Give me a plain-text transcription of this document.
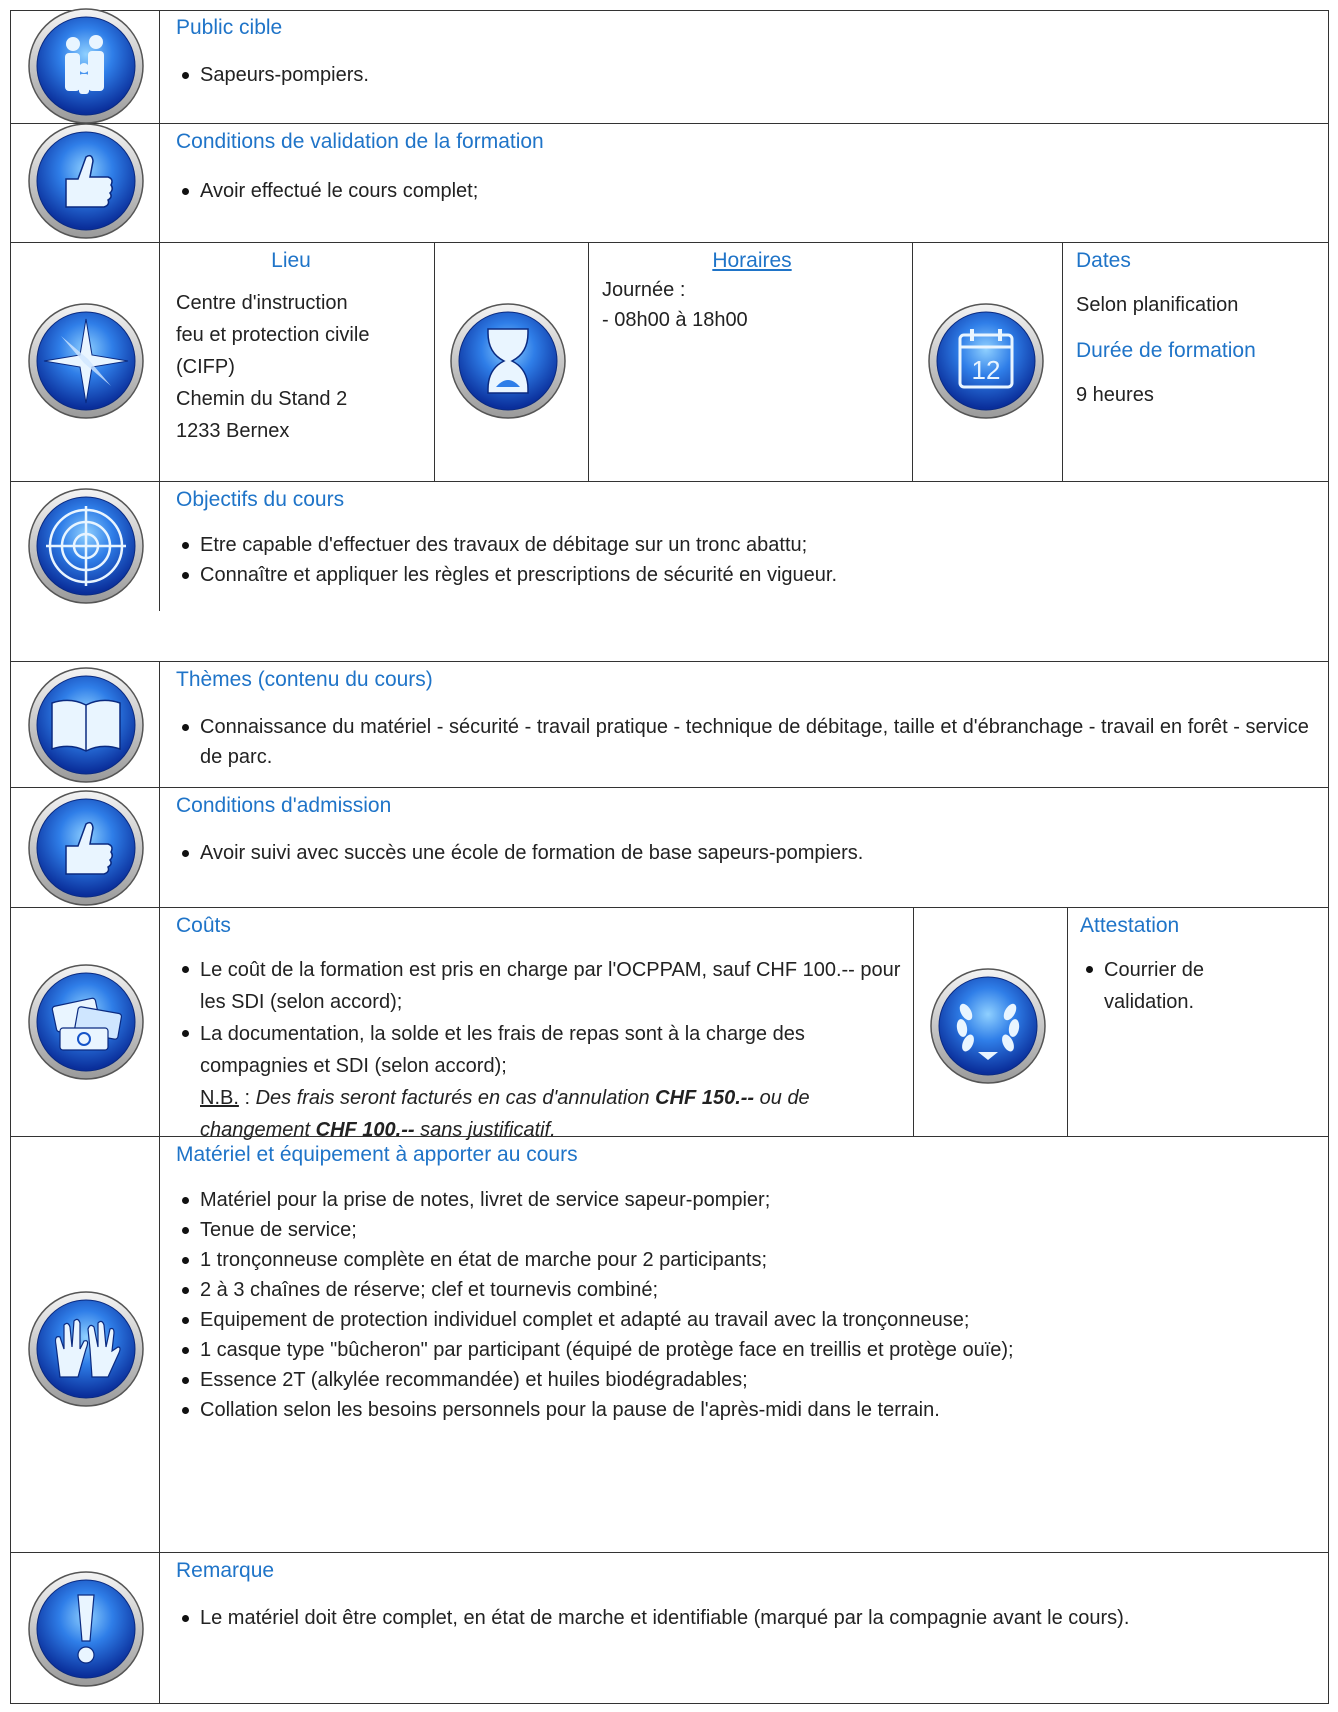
Public cible
Sapeurs-pompiers.
Conditions de validation de la formation
Avoir effectué le cours complet;
Lieu
Centre d'instruction
feu et protection civile
(CIFP)
Chemin du Stand 2
1233 Bernex
Horaires
Journée :
- 08h00 à 18h00
12
Dates
Selon planification
Durée de formation
9 heures
Objectifs du cours
Etre capable d'effectuer des travaux de débitage sur un tronc abattu;
Connaître et appliquer les règles et prescriptions de sécurité en vigueur.
Thèmes (contenu du cours)
Connaissance du matériel - sécurité - travail pratique - technique de débitage, taille et d'ébranchage - travail en forêt - service de parc.
Conditions d'admission
Avoir suivi avec succès une école de formation de base sapeurs-pompiers.
Coûts
Le coût de la formation est pris en charge par l'OCPPAM, sauf CHF 100.-- pour les SDI (selon accord);
La documentation, la solde et les frais de repas sont à la charge des compagnies et SDI (selon accord);
N.B. : Des frais seront facturés en cas d'annulation CHF 150.-- ou de changement CHF 100.-- sans justificatif.
Attestation
Courrier de validation.
Matériel et équipement à apporter au cours
Matériel pour la prise de notes, livret de service sapeur-pompier;
Tenue de service;
1 tronçonneuse complète en état de marche pour 2 participants;
2 à 3 chaînes de réserve; clef et tournevis combiné;
Equipement de protection individuel complet et adapté au travail avec la tronçonneuse;
1 casque type "bûcheron" par participant (équipé de protège face en treillis et protège ouïe);
Essence 2T (alkylée recommandée) et huiles biodégradables;
Collation selon les besoins personnels pour la pause de l'après-midi dans le terrain.
Remarque
Le matériel doit être complet, en état de marche et identifiable (marqué par la compagnie avant le cours).
